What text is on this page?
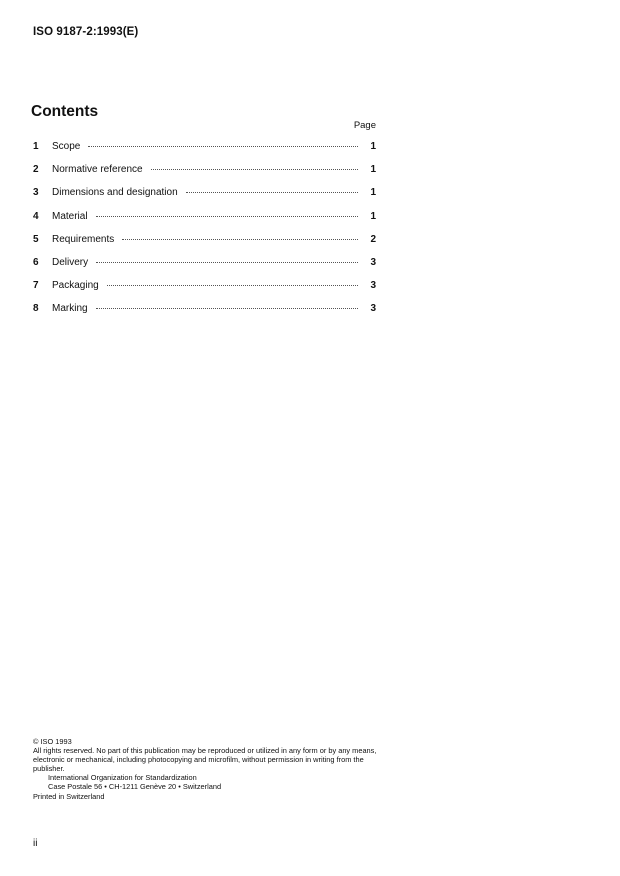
ISO 9187-2:1993(E)
Contents
Page
1	Scope	1
2	Normative reference	1
3	Dimensions and designation	1
4	Material	1
5	Requirements	2
6	Delivery	3
7	Packaging	3
8	Marking	3

© ISO 1993

All rights reserved. No part of this publication may be reproduced or utilized in any form or by any means, electronic or mechanical, including photocopying and microfilm, without permission in writing from the publisher.

International Organization for Standardization

Case Postale 56 • CH-1211 Genève 20 • Switzerland

Printed in Switzerland

ii
